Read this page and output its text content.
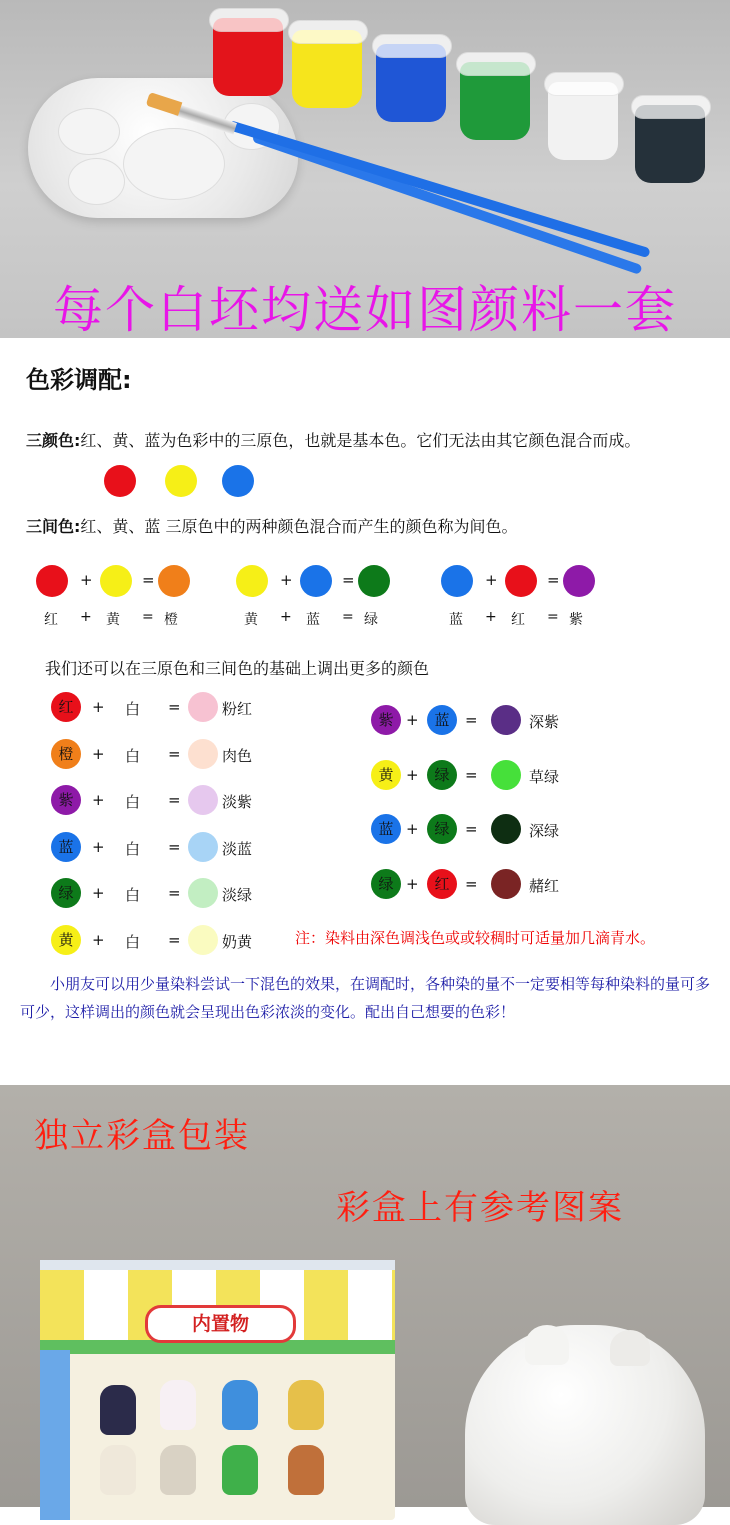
每个白坯均送如图颜料一套
色彩调配:
三颜色:红、黄、蓝为色彩中的三原色，也就是基本色。它们无法由其它颜色混合而成。
三间色:红、黄、蓝 三原色中的两种颜色混合而产生的颜色称为间色。
+	=
红 + 黄 = 橙
+	=
黄 + 蓝 = 绿
+	=
蓝 + 红 = 紫
我们还可以在三原色和三间色的基础上调出更多的颜色
红	+ 白 =	粉红
橙	+ 白 =	肉色
紫	+ 白 =	淡紫
蓝	+ 白 =	淡蓝
绿	+ 白 =	淡绿
黄	+ 白 =	奶黄
紫 +	蓝	=	深紫
黄 +	绿	=	草绿
蓝 +	绿	=	深绿
绿 +	红	=	赭红
注：染料由深色调浅色或或较稠时可适量加几滴青水。
小朋友可以用少量染料尝试一下混色的效果，在调配时，各种染的量不一定要相等每种染料的量可多可少，这样调出的颜色就会呈现出色彩浓淡的变化。配出自己想要的色彩！
内置物
独立彩盒包装
彩盒上有参考图案
